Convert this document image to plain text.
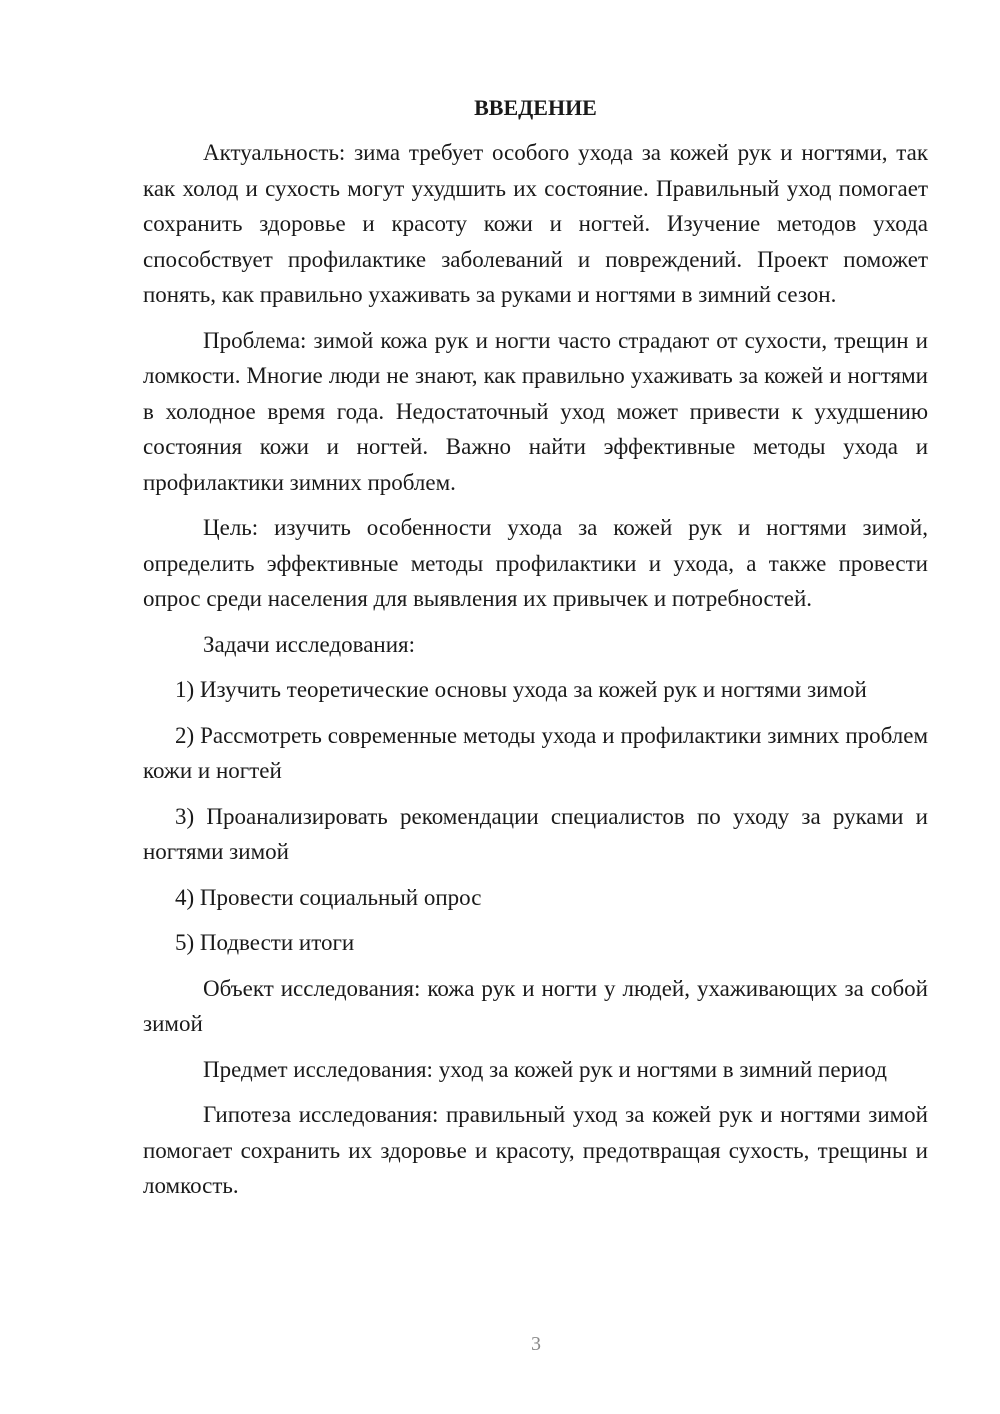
ВВЕДЕНИЕ

Актуальность: зима требует особого ухода за кожей рук и ногтями, так как холод и сухость могут ухудшить их состояние. Правильный уход помогает сохранить здоровье и красоту кожи и ногтей. Изучение методов ухода способствует профилактике заболеваний и повреждений. Проект поможет понять, как правильно ухаживать за руками и ногтями в зимний сезон.

Проблема: зимой кожа рук и ногти часто страдают от сухости, трещин и ломкости. Многие люди не знают, как правильно ухаживать за кожей и ногтями в холодное время года. Недостаточный уход может привести к ухудшению состояния кожи и ногтей. Важно найти эффективные методы ухода и профилактики зимних проблем.

Цель: изучить особенности ухода за кожей рук и ногтями зимой, определить эффективные методы профилактики и ухода, а также провести опрос среди населения для выявления их привычек и потребностей.

Задачи исследования:

1) Изучить теоретические основы ухода за кожей рук и ногтями зимой

2) Рассмотреть современные методы ухода и профилактики зимних проблем кожи и ногтей

3) Проанализировать рекомендации специалистов по уходу за руками и ногтями зимой

4) Провести социальный опрос

5) Подвести итоги

Объект исследования: кожа рук и ногти у людей, ухаживающих за собой зимой

Предмет исследования: уход за кожей рук и ногтями в зимний период

Гипотеза исследования: правильный уход за кожей рук и ногтями зимой помогает сохранить их здоровье и красоту, предотвращая сухость, трещины и ломкость.

3
